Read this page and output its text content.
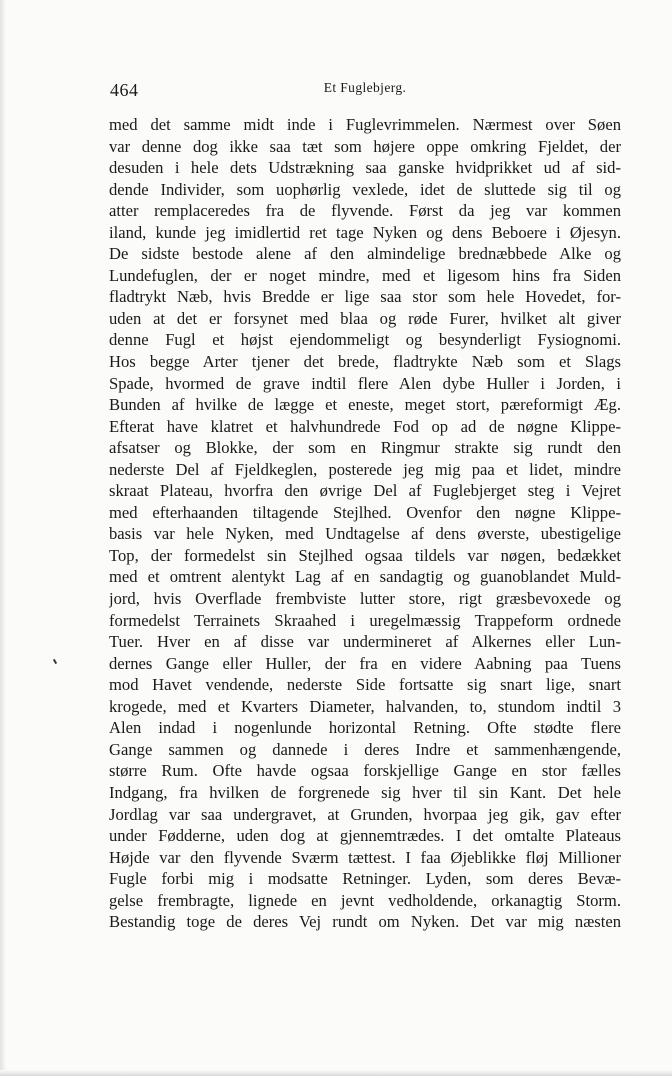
464	Et Fuglebjerg.
med det samme midt inde i Fuglevrimmelen. Nærmest over Søen
var denne dog ikke saa tæt som højere oppe omkring Fjeldet, der
desuden i hele dets Udstrækning saa ganske hvidprikket ud af sid-
dende Individer, som uophørlig vexlede, idet de sluttede sig til og
atter remplaceredes fra de flyvende. Først da jeg var kommen
iland, kunde jeg imidlertid ret tage Nyken og dens Beboere i Øjesyn.
De sidste bestode alene af den almindelige brednæbbede Alke og
Lundefuglen, der er noget mindre, med et ligesom hins fra Siden
fladtrykt Næb, hvis Bredde er lige saa stor som hele Hovedet, for-
uden at det er forsynet med blaa og røde Furer, hvilket alt giver
denne Fugl et højst ejendommeligt og besynderligt Fysiognomi.
Hos begge Arter tjener det brede, fladtrykte Næb som et Slags
Spade, hvormed de grave indtil flere Alen dybe Huller i Jorden, i
Bunden af hvilke de lægge et eneste, meget stort, pæreformigt Æg.
Efterat have klatret et halvhundrede Fod op ad de nøgne Klippe-
afsatser og Blokke, der som en Ringmur strakte sig rundt den
nederste Del af Fjeldkeglen, posterede jeg mig paa et lidet, mindre
skraat Plateau, hvorfra den øvrige Del af Fuglebjerget steg i Vejret
med efterhaanden tiltagende Stejlhed. Ovenfor den nøgne Klippe-
basis var hele Nyken, med Undtagelse af dens øverste, ubestigelige
Top, der formedelst sin Stejlhed ogsaa tildels var nøgen, bedækket
med et omtrent alentykt Lag af en sandagtig og guanoblandet Muld-
jord, hvis Overflade frembviste lutter store, rigt græsbevoxede og
formedelst Terrainets Skraahed i uregelmæssig Trappeform ordnede
Tuer. Hver en af disse var undermineret af Alkernes eller Lun-
dernes Gange eller Huller, der fra en videre Aabning paa Tuens
mod Havet vendende, nederste Side fortsatte sig snart lige, snart
krogede, med et Kvarters Diameter, halvanden, to, stundom indtil 3
Alen indad i nogenlunde horizontal Retning. Ofte stødte flere
Gange sammen og dannede i deres Indre et sammenhængende,
større Rum. Ofte havde ogsaa forskjellige Gange en stor fælles
Indgang, fra hvilken de forgrenede sig hver til sin Kant. Det hele
Jordlag var saa undergravet, at Grunden, hvorpaa jeg gik, gav efter
under Fødderne, uden dog at gjennemtrædes. I det omtalte Plateaus
Højde var den flyvende Sværm tættest. I faa Øjeblikke fløj Millioner
Fugle forbi mig i modsatte Retninger. Lyden, som deres Bevæ-
gelse frembragte, lignede en jevnt vedholdende, orkanagtig Storm.
Bestandig toge de deres Vej rundt om Nyken. Det var mig næsten
